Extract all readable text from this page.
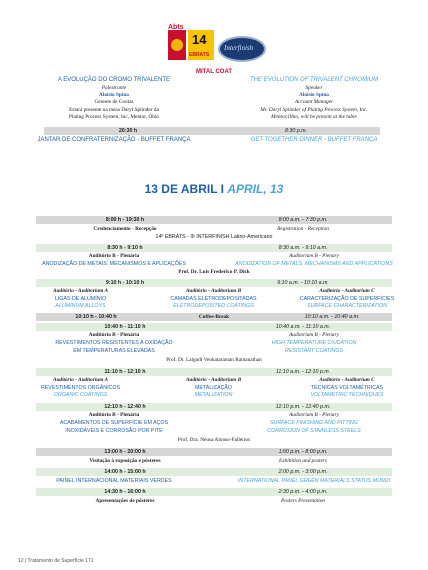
Abts
14
EBRATS
Interfinish
MITAL COAT
A EVOLUÇÃO DO CROMO TRIVALENTE	THE EVOLUTION OF TRIVALENT CHROMIUM
Palestrante	Speaker
Aloisio Spina	Aloisio Spina
Gerente de Contas	Account Manager
Estará presente na mesa Daryl Splinder da	Mr. Daryl Splinder of Plating Process System, Inc.
Plating Process System, Inc, Mentor, Ohio	Mentor,Ohio, will be present at the table
20:30 h	8:30 p.m.
JANTAR DE CONFRATERNIZAÇÃO - BUFFET FRANÇA	GET-TOGETHER DINNER - BUFFET FRANÇA
13 DE ABRIL I APRIL, 13
8:00 h - 19:30 h	8:00 a.m. - 7:30 p.m.
Credenciamento - Recepção	Registration - Reception
14º EBRATS - III INTERFINISH Latino-Americano
8:30 h - 9:10 h	8:30 a.m. - 9:10 a.m.
Auditório B - Plenária	Auditorium B - Plenary
ANODIZAÇÃO DE METAIS: MECANISMOS E APLICAÇÕES	ANODIZATION OF METALS: MECHANISMS AND APPLICATIONS
Prof. Dr. Luis Frederico P. Dick
9:10 h - 10:10 h	9:10 a.m. - 10:10 a.m.
Auditório - Auditorium A	Auditório - Auditorium B	Auditório - Auditorium C
LIGAS DE ALUMÍNIO	CAMADAS ELETRODEPOSITADAS	CARACTERIZAÇÃO DE SUPERFÍCIES
ALUMINUM ALLOYS	ELETRODEPOSITED COATINGS	SURFACE CHARACTERIZATION
10:10 h - 10:40 h	Coffee-Break	10:10 a.m. - 10:40 a.m.
10:40 h - 11:10 h	10:40 a.m. - 11:10 a.m.
Auditório B - Plenária	Auditorium B - Plenary
REVESTIMENTOS RESISTENTES A OXIDAÇÃO	HIGH TEMPERATURE OXIDATION
EM TEMPERATURAS ELEVADAS	RESISTANT COATINGS
Prof. Dr. Lalgudi Venkataraman Ramanathan
11:10 h - 12:10 h	11:10 a.m. - 12:10 p.m.
Auditório - Auditorium A	Auditório - Auditorium B	Auditório - Auditorium C
REVESTIMENTOS ORGÂNICOS	METALIZAÇÃO	TÉCNICAS VOLTAMÉTRICAS
ORGANIC COATINGS	METALIZATION	VOLTAMETRIC TECHNIQUES
12:10 h - 12:40 h	12:10 p.m. - 12:40 p.m.
Auditório B - Plenária	Auditorium B - Plenary
ACABAMENTOS DE SUPERFÍCIE EM AÇOS	SURFACE FINISHING AND PITTING
INOXIDÁVEIS E CORROSÃO POR PITE	CORROSION OF STAINLESS STEELS
Prof. Dra. Neusa Alonso-Falleiros
13:00 h - 20:00 h	1:00 p.m. - 8:00 p.m.
Visitação à exposição e pôsteres	Exhibition and posters
14:00 h - 15:00 h	2:00 p.m. - 3:00 p.m.
PAINEL INTERNACIONAL MATERIAIS VERDES	INTERNATIONAL PANEL GREEN MATERIALS STATUS MUNDI
14:30 h - 16:00 h	2:30 p.m. - 4:00 p.m.
Apresentações de pôsteres	Posters Presentation
12 | Tratamento de Superfície 171
